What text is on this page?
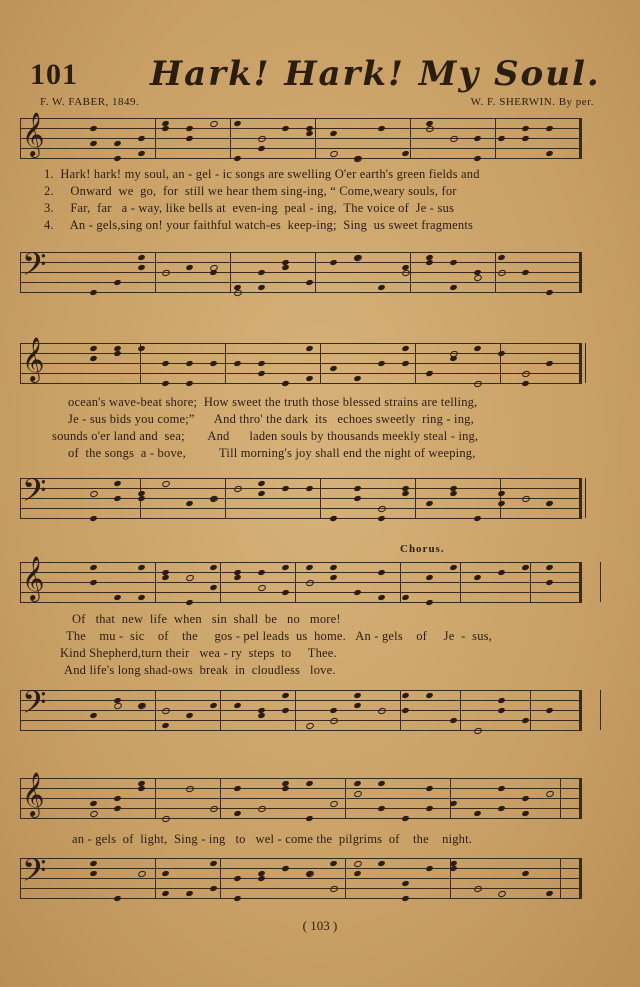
101 Hark! Hark! My Soul.
F. W. FABER, 1849.	W. F. SHERWIN. By per.
𝄞
1.  Hark! hark! my soul, an - gel - ic songs are swelling O'er earth's green fields and
2.     Onward  we  go,  for  still we hear them sing-ing, “ Come,weary souls, for
3.     Far,  far   a - way, like bells at  even-ing  peal - ing,  The voice of  Je - sus
4.     An - gels,sing on! your faithful watch-es  keep-ing;  Sing  us sweet fragments
𝄢
𝄞
ocean's wave-beat shore;  How sweet the truth those blessed strains are telling,
Je - sus bids you come;”      And thro' the dark  its   echoes sweetly  ring - ing,
sounds o'er land and  sea;       And      laden souls by thousands meekly steal - ing,
of  the songs  a - bove,          Till morning's joy shall end the night of weeping,
𝄢
Chorus.
𝄞
Of   that  new  life  when   sin  shall  be   no   more!
The    mu -  sic    of    the     gos - pel leads  us  home.   An - gels    of     Je  -  sus,
Kind Shepherd,turn their   wea - ry  steps  to     Thee.
And life's long shad-ows  break  in  cloudless   love.
𝄢
𝄞
an - gels  of  light,  Sing - ing   to   wel - come the  pilgrims  of    the    night.
𝄢
( 103 )
